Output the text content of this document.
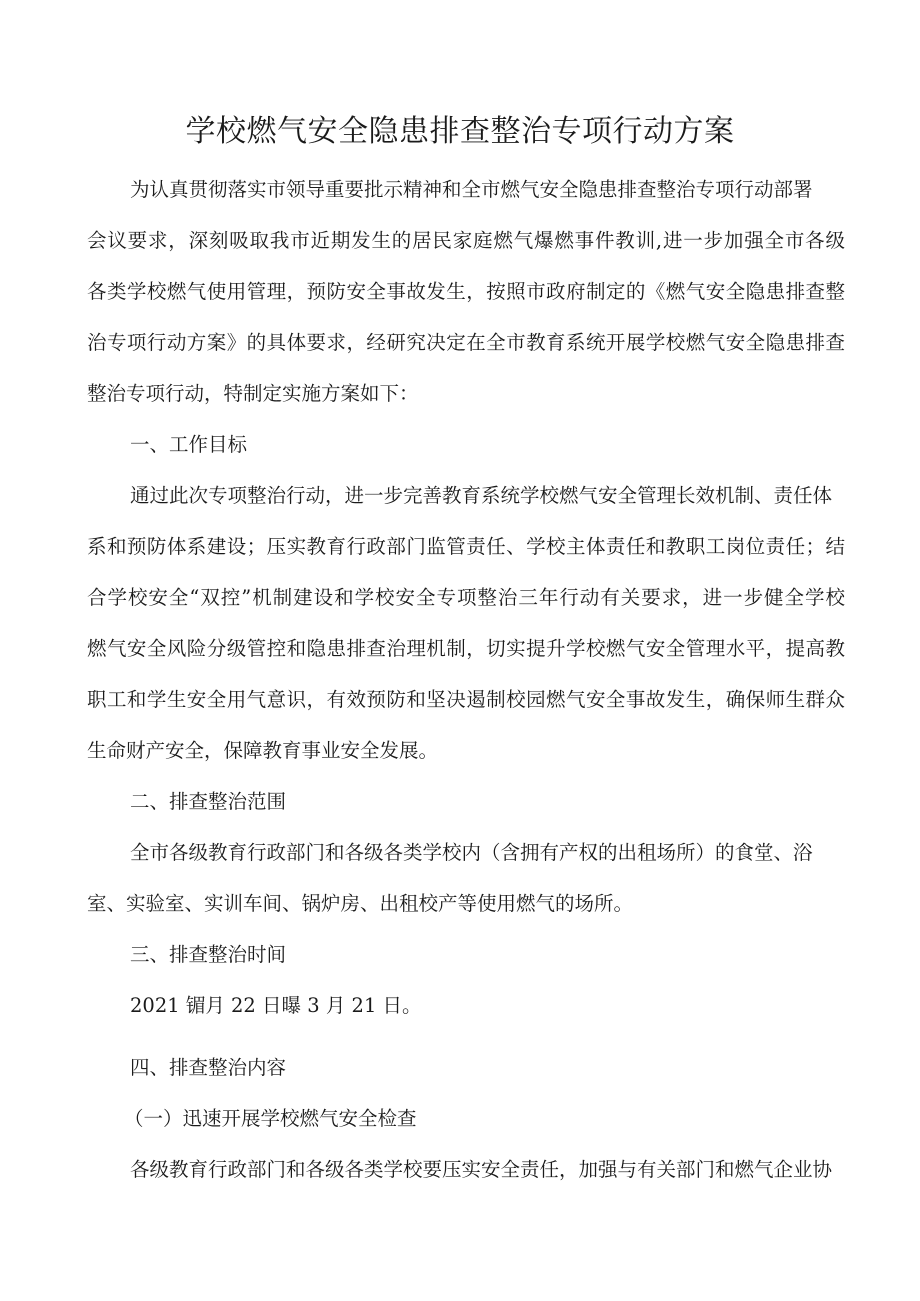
学校燃气安全隐患排查整治专项行动方案

为认真贯彻落实市领导重要批示精神和全市燃气安全隐患排查整治专项行动部署

会议要求，深刻吸取我市近期发生的居民家庭燃气爆燃事件教训,进一步加强全市各级

各类学校燃气使用管理，预防安全事故发生，按照市政府制定的《燃气安全隐患排查整

治专项行动方案》的具体要求，经研究决定在全市教育系统开展学校燃气安全隐患排查

整治专项行动，特制定实施方案如下：

一、工作目标

通过此次专项整治行动，进一步完善教育系统学校燃气安全管理长效机制、责任体

系和预防体系建设；压实教育行政部门监管责任、学校主体责任和教职工岗位责任；结

合学校安全“双控”机制建设和学校安全专项整治三年行动有关要求，进一步健全学校

燃气安全风险分级管控和隐患排查治理机制，切实提升学校燃气安全管理水平，提高教

职工和学生安全用气意识，有效预防和坚决遏制校园燃气安全事故发生，确保师生群众

生命财产安全，保障教育事业安全发展。

二、排查整治范围

全市各级教育行政部门和各级各类学校内（含拥有产权的出租场所）的食堂、浴

室、实验室、实训车间、锅炉房、出租校产等使用燃气的场所。

三、排查整治时间

2021 镅月 22 日曝 3 月 21 日。

四、排查整治内容

（一）迅速开展学校燃气安全检查

各级教育行政部门和各级各类学校要压实安全责任，加强与有关部门和燃气企业协
